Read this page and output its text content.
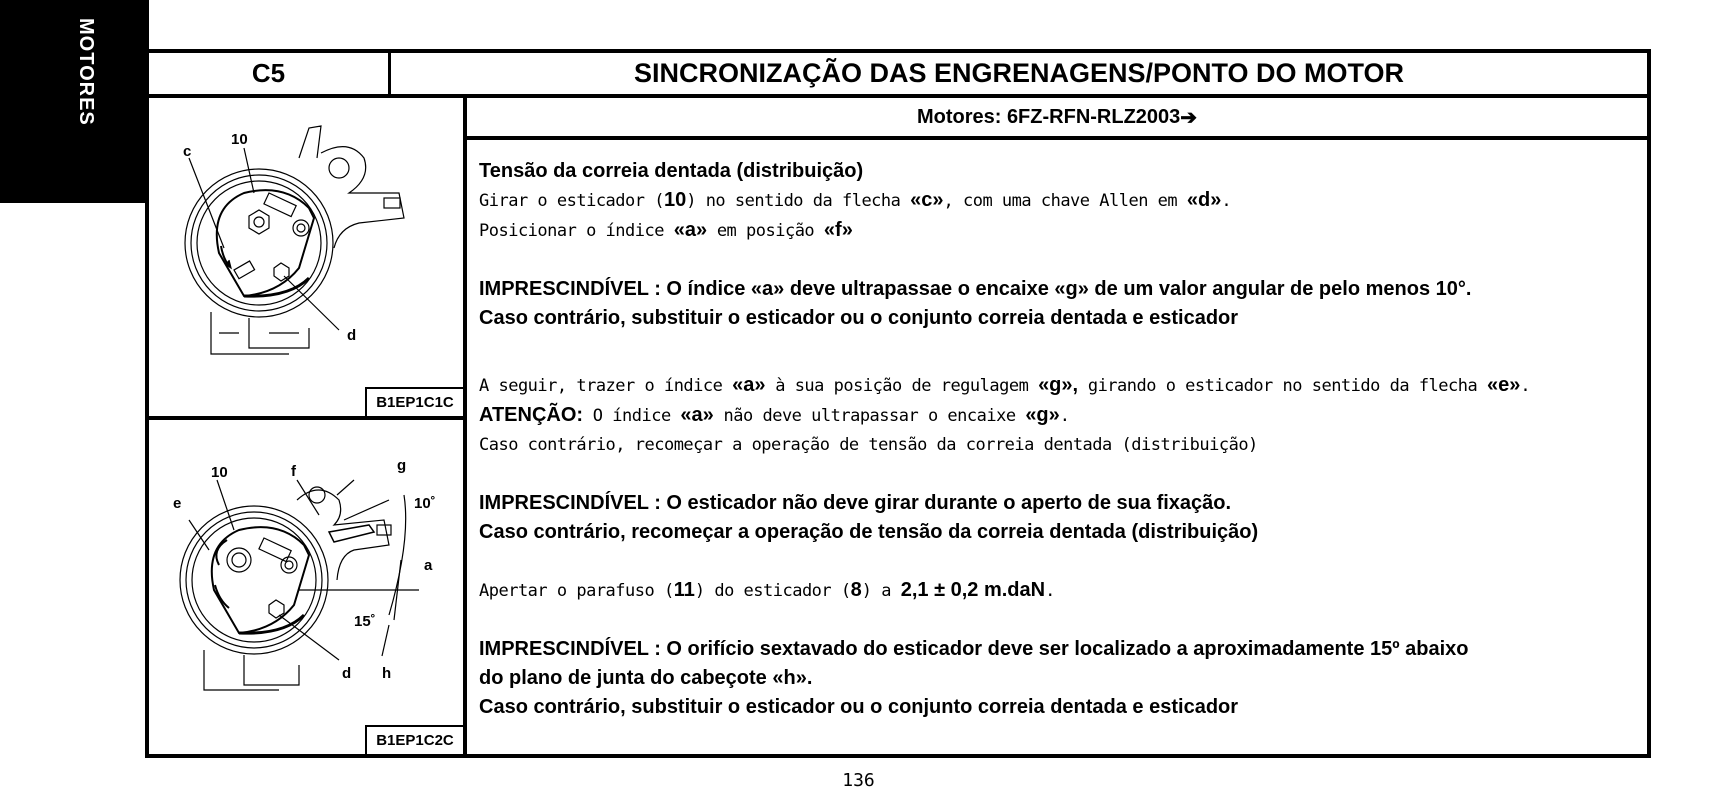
MOTORES	C5	SINCRONIZAÇÃO DAS ENGRENAGENS/PONTO DO MOTOR
c
10
d
B1EP1C1C
10
e
f	g
10˚
a
15˚
d h
B1EP1C2C
Motores: 6FZ-RFN-RLZ 2003 ➔

Tensão da correia dentada (distribuição)

Girar o esticador (10) no sentido da flecha «c», com uma chave Allen em «d».

Posicionar o índice «a» em posição «f»

IMPRESCINDÍVEL : O índice «a» deve ultrapassae o encaixe «g» de um valor angular de pelo menos 10°.

Caso contrário, substituir o esticador ou o conjunto correia dentada e esticador

A seguir, trazer o índice «a» à sua posição de regulagem «g», girando o esticador no sentido da flecha «e».

ATENÇÃO: O índice «a» não deve ultrapassar o encaixe «g».

Caso contrário, recomeçar a operação de tensão da correia dentada (distribuição)

IMPRESCINDÍVEL : O esticador não deve girar durante o aperto de sua fixação.

Caso contrário, recomeçar a operação de tensão da correia dentada (distribuição)

Apertar o parafuso (11) do esticador (8) a 2,1 ± 0,2 m.daN.

IMPRESCINDÍVEL : O orifício sextavado do esticador deve ser localizado a aproximadamente 15º abaixo

do plano de junta do cabeçote «h».

Caso contrário, substituir o esticador ou o conjunto correia dentada e esticador

136
